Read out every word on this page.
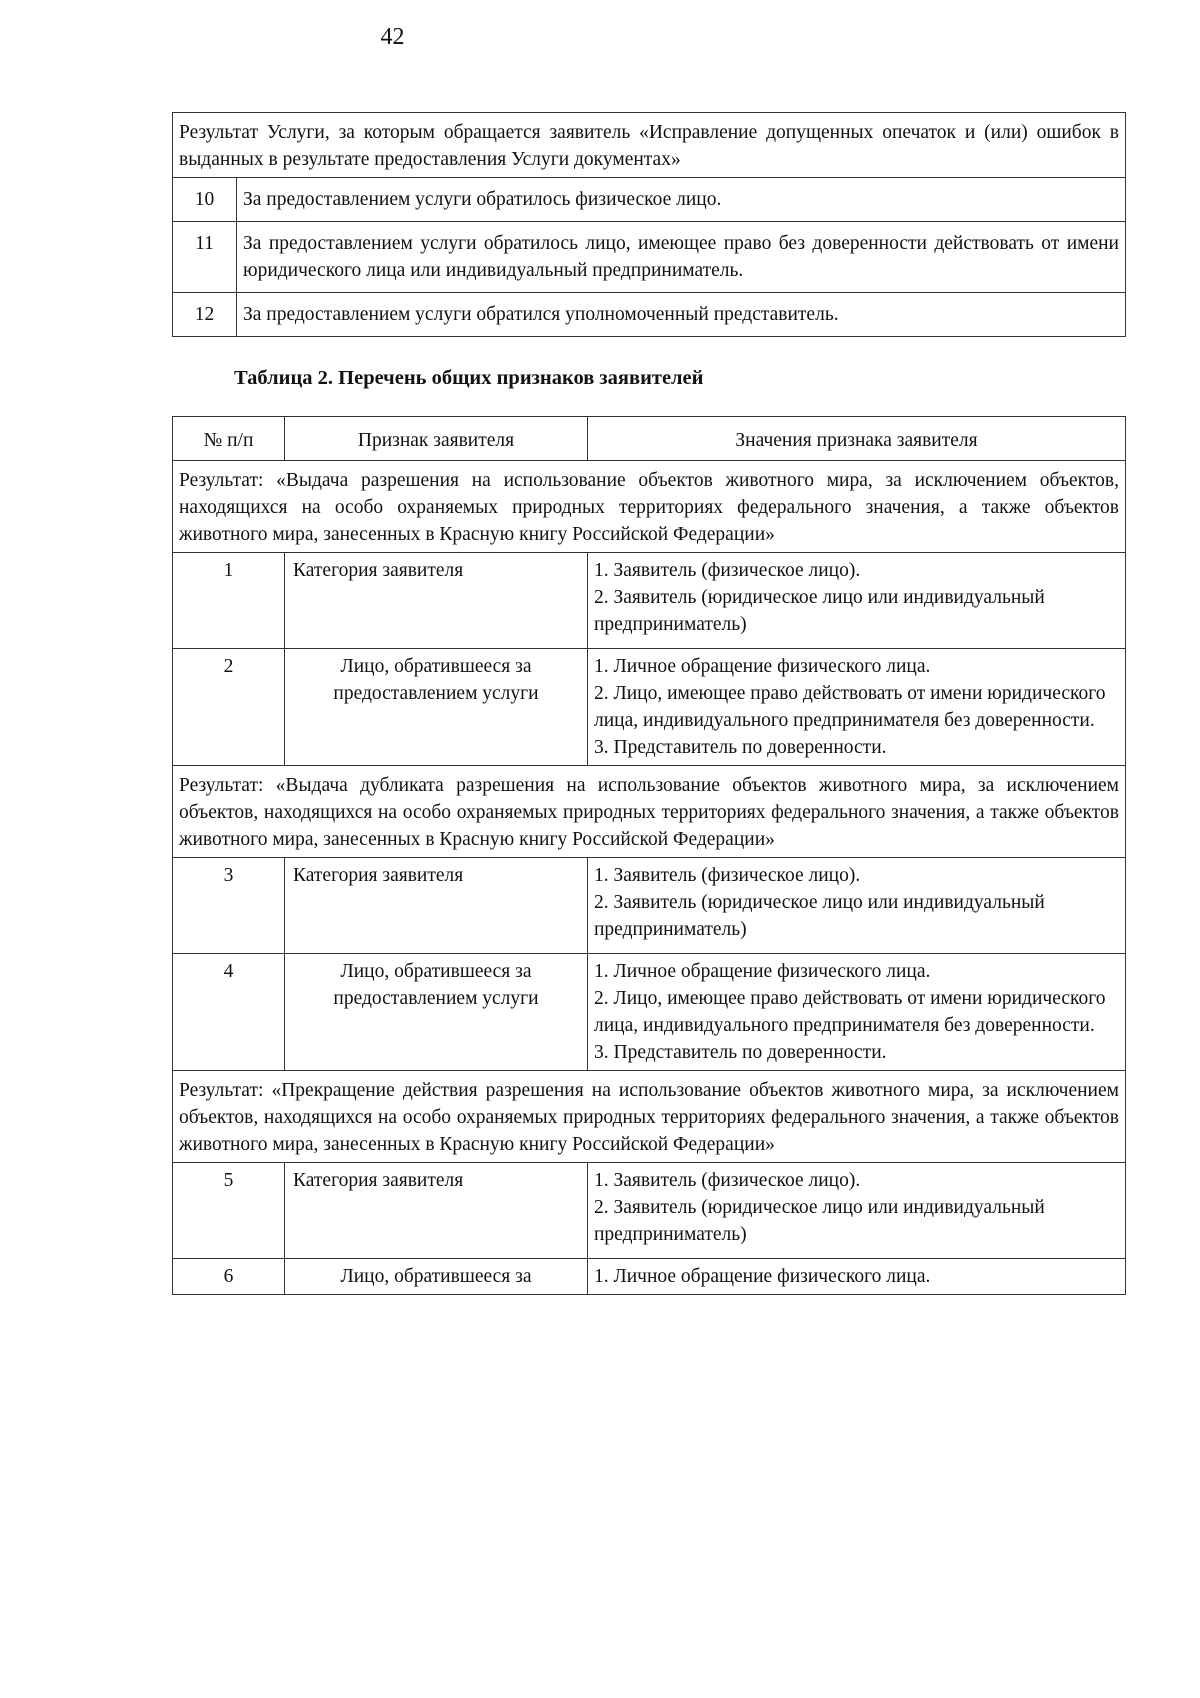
42
Результат Услуги, за которым обращается заявитель «Исправление допущенных опечаток и (или) ошибок в выданных в результате предоставления Услуги документах»	
10	За предоставлением услуги обратилось физическое лицо.
11	За предоставлением услуги обратилось лицо, имеющее право без доверенности действовать от имени юридического лица или индивидуальный предприниматель.
12	За предоставлением услуги обратился уполномоченный представитель.
Таблица 2. Перечень общих признаков заявителей
№ п/п	Признак заявителя	Значения признака заявителя
Результат: «Выдача разрешения на использование объектов животного мира, за исключением объектов, находящихся на особо охраняемых природных территориях федерального значения, а также объектов животного мира, занесенных в Красную книгу Российской Федерации»		
1	Категория заявителя	1. Заявитель (физическое лицо).
2. Заявитель (юридическое лицо или индивидуальный предприниматель)

2	Лицо, обратившееся за предоставлением услуги	1. Личное обращение физического лица.
2. Лицо, имеющее право действовать от имени юридического лица, индивидуального предпринимателя без доверенности.
3. Представитель по доверенности.

Результат: «Выдача дубликата разрешения на использование объектов животного мира, за исключением объектов, находящихся на особо охраняемых природных территориях федерального значения, а также объектов животного мира, занесенных в Красную книгу Российской Федерации»		
3	Категория заявителя	1. Заявитель (физическое лицо).
2. Заявитель (юридическое лицо или индивидуальный предприниматель)

4	Лицо, обратившееся за предоставлением услуги	1. Личное обращение физического лица.
2. Лицо, имеющее право действовать от имени юридического лица, индивидуального предпринимателя без доверенности.
3. Представитель по доверенности.

Результат: «Прекращение действия разрешения на использование объектов животного мира, за исключением объектов, находящихся на особо охраняемых природных территориях федерального значения, а также объектов животного мира, занесенных в Красную книгу Российской Федерации»		
5	Категория заявителя	1. Заявитель (физическое лицо).
2. Заявитель (юридическое лицо или индивидуальный предприниматель)

6	Лицо, обратившееся за	1. Личное обращение физического лица.
